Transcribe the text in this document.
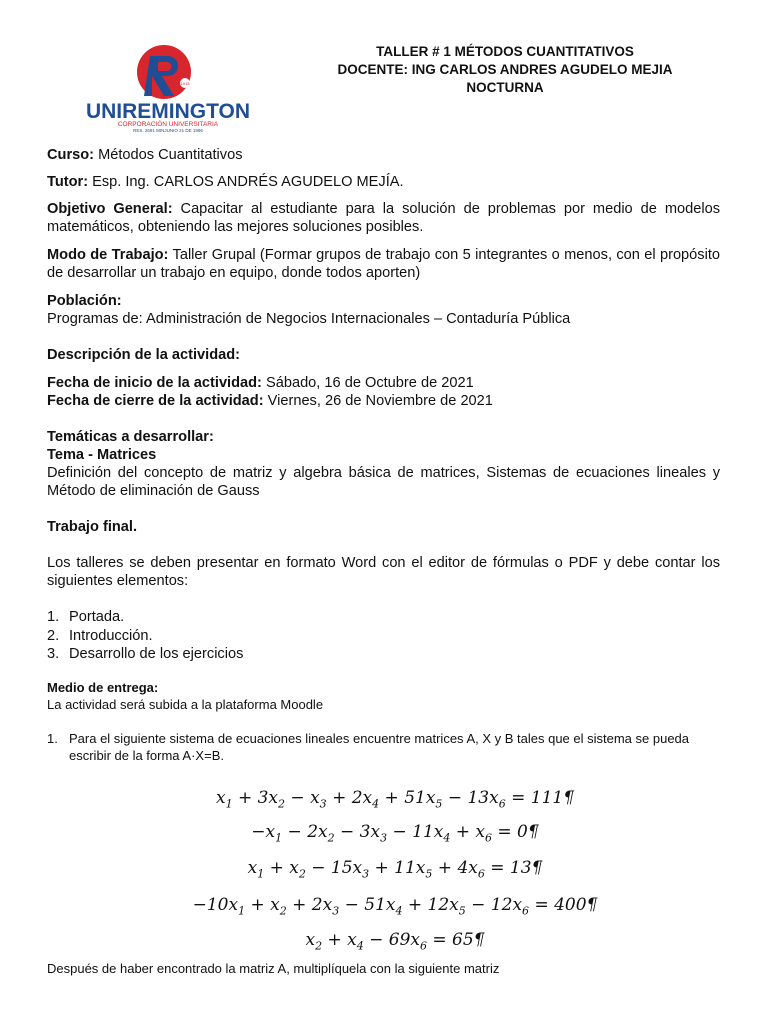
1915
UNIREMINGTON
CORPORACIÓN UNIVERSITARIA
RES. 2661 MINJUNIO 21 DE 1996
TALLER # 1 MÉTODOS CUANTITATIVOS
DOCENTE: ING CARLOS ANDRES AGUDELO MEJIA
NOCTURNA
Curso: Métodos Cuantitativos
Tutor: Esp. Ing. CARLOS ANDRÉS AGUDELO MEJÍA.
Objetivo General: Capacitar al estudiante para la solución de problemas por medio de modelos matemáticos, obteniendo las mejores soluciones posibles.
Modo de Trabajo: Taller Grupal (Formar grupos de trabajo con 5 integrantes o menos, con el propósito de desarrollar un trabajo en equipo, donde todos aporten)
Población:
Programas de: Administración de Negocios Internacionales – Contaduría Pública
Descripción de la actividad:
Fecha de inicio de la actividad: Sábado, 16 de Octubre de 2021
Fecha de cierre de la actividad: Viernes, 26 de Noviembre de 2021
Temáticas a desarrollar:
Tema - Matrices
Definición del concepto de matriz y algebra básica de matrices, Sistemas de ecuaciones lineales y Método de eliminación de Gauss
Trabajo final.
Los talleres se deben presentar en formato Word con el editor de fórmulas o PDF y debe contar los siguientes elementos:
1. Portada.
2. Introducción.
3. Desarrollo de los ejercicios
Medio de entrega:
La actividad será subida a la plataforma Moodle
1. Para el siguiente sistema de ecuaciones lineales encuentre matrices A, X y B tales que el sistema se pueda escribir de la forma A·X=B.
$x_1 + 3x_2 - x_3 + 2x_4 + 51x_5 - 13x_6$ = 111¶
$-x_1 - 2x_2 - 3x_3 - 11x_4 + x_6$ = 0¶
$x_1 + x_2 - 15x_3 + 11x_5 + 4x_6$ = 13¶
$-10x_1 + x_2 + 2x_3 - 51x_4 + 12x_5 - 12x_6$ = 400¶
$x_2 + x_4 - 69x_6$ = 65¶
Después de haber encontrado la matriz A, multiplíquela con la siguiente matriz
